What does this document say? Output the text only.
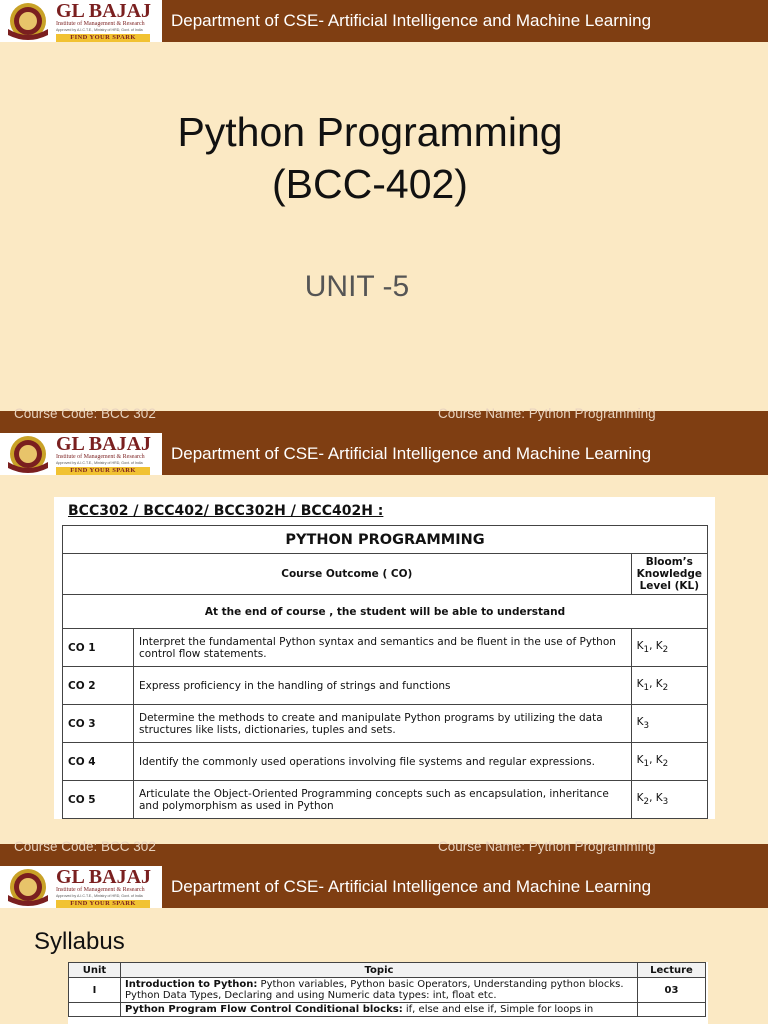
GL BAJAJ
Institute of Management & Research
Approved by A.I.C.T.E., Ministry of HRD, Govt. of India
FIND YOUR SPARK
Department of CSE- Artificial Intelligence and Machine Learning
Python Programming
(BCC-402)
UNIT -5
Course Code: BCC 302	Course Name: Python Programming
GL BAJAJ
Institute of Management & Research
Approved by A.I.C.T.E., Ministry of HRD, Govt. of India
FIND YOUR SPARK
Department of CSE- Artificial Intelligence and Machine Learning
BCC302 / BCC402/ BCC302H / BCC402H :
PYTHON PROGRAMMING		
Course Outcome ( CO)		Bloom’s Knowledge Level (KL)
At the end of course , the student will be able to understand		
CO 1	Interpret the fundamental Python syntax and semantics and be fluent in the use of Python control flow statements.	$K_1$, $K_2$
CO 2	Express proficiency in the handling of strings and functions	$K_1$, $K_2$
CO 3	Determine the methods to create and manipulate Python programs by utilizing the data structures like lists, dictionaries, tuples and sets.	$K_3$
CO 4	Identify the commonly used operations involving file systems and regular expressions.	$K_1$, $K_2$
CO 5	Articulate the Object-Oriented Programming concepts such as encapsulation, inheritance and polymorphism as used in Python	$K_2$, $K_3$
Course Code: BCC 302	Course Name: Python Programming
GL BAJAJ
Institute of Management & Research
Approved by A.I.C.T.E., Ministry of HRD, Govt. of India
FIND YOUR SPARK
Department of CSE- Artificial Intelligence and Machine Learning
Syllabus
Unit	Topic	Lecture
I	Introduction to Python: Python variables, Python basic Operators, Understanding python blocks. Python Data Types, Declaring and using Numeric data types: int, float etc.	03
	Python Program Flow Control Conditional blocks: if, else and else if, Simple for loops in	
